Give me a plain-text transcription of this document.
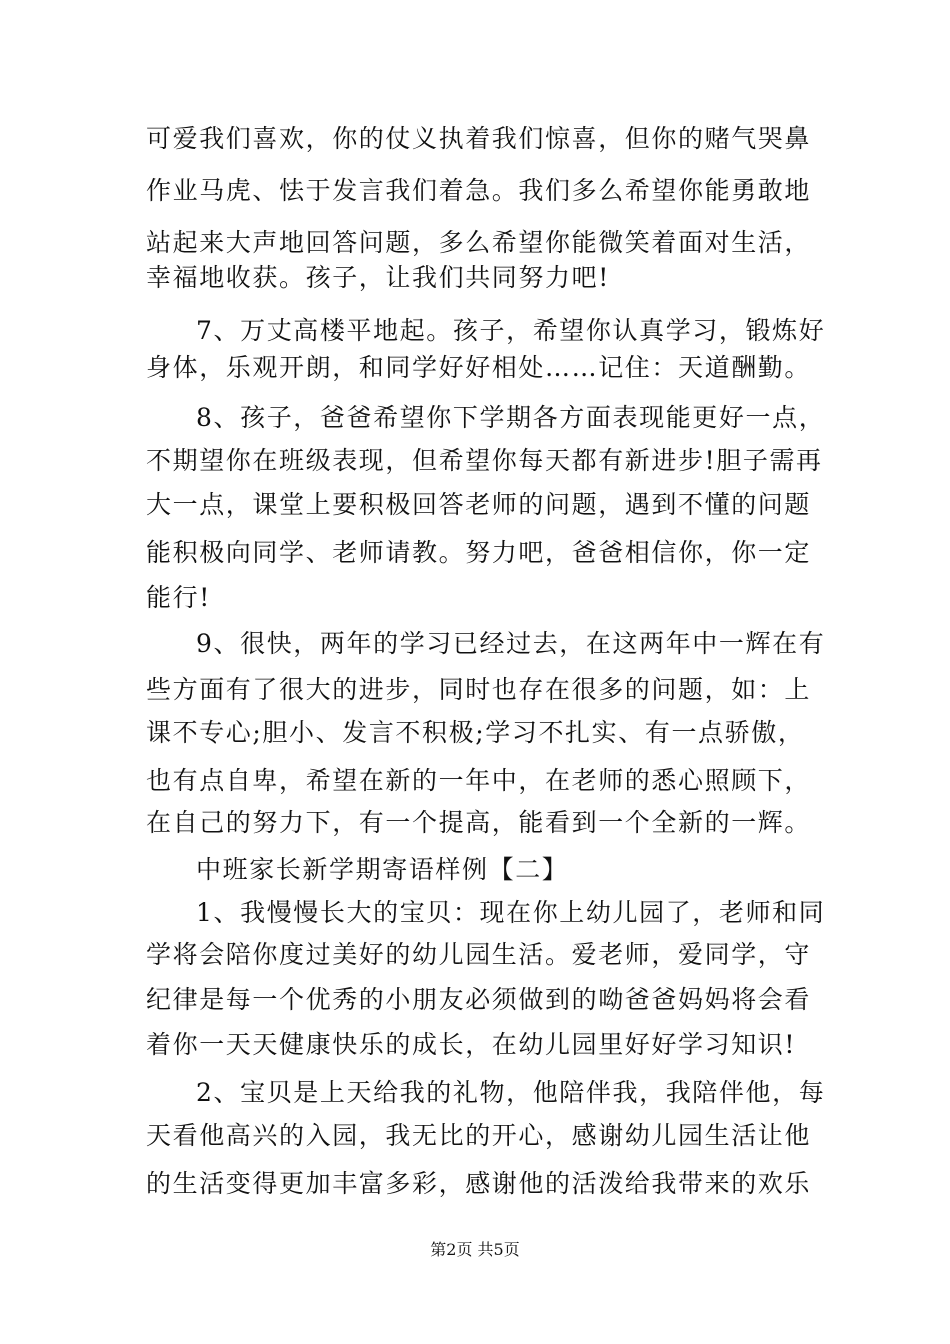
可爱我们喜欢，你的仗义执着我们惊喜，但你的赌气哭鼻
作业马虎、怯于发言我们着急。我们多么希望你能勇敢地
站起来大声地回答问题，多么希望你能微笑着面对生活，
幸福地收获。孩子，让我们共同努力吧!
7、万丈高楼平地起。孩子，希望你认真学习，锻炼好
身体，乐观开朗，和同学好好相处……记住：天道酬勤。
8、孩子，爸爸希望你下学期各方面表现能更好一点，
不期望你在班级表现，但希望你每天都有新进步!胆子需再
大一点，课堂上要积极回答老师的问题，遇到不懂的问题
能积极向同学、老师请教。努力吧，爸爸相信你，你一定
能行!
9、很快，两年的学习已经过去，在这两年中一辉在有
些方面有了很大的进步，同时也存在很多的问题，如：上
课不专心;胆小、发言不积极;学习不扎实、有一点骄傲，
也有点自卑，希望在新的一年中，在老师的悉心照顾下，
在自己的努力下，有一个提高，能看到一个全新的一辉。
中班家长新学期寄语样例【二】
1、我慢慢长大的宝贝：现在你上幼儿园了，老师和同
学将会陪你度过美好的幼儿园生活。爱老师，爱同学，守
纪律是每一个优秀的小朋友必须做到的呦爸爸妈妈将会看
着你一天天健康快乐的成长，在幼儿园里好好学习知识!
2、宝贝是上天给我的礼物，他陪伴我，我陪伴他，每
天看他高兴的入园，我无比的开心，感谢幼儿园生活让他
的生活变得更加丰富多彩，感谢他的活泼给我带来的欢乐
第2页 共5页
